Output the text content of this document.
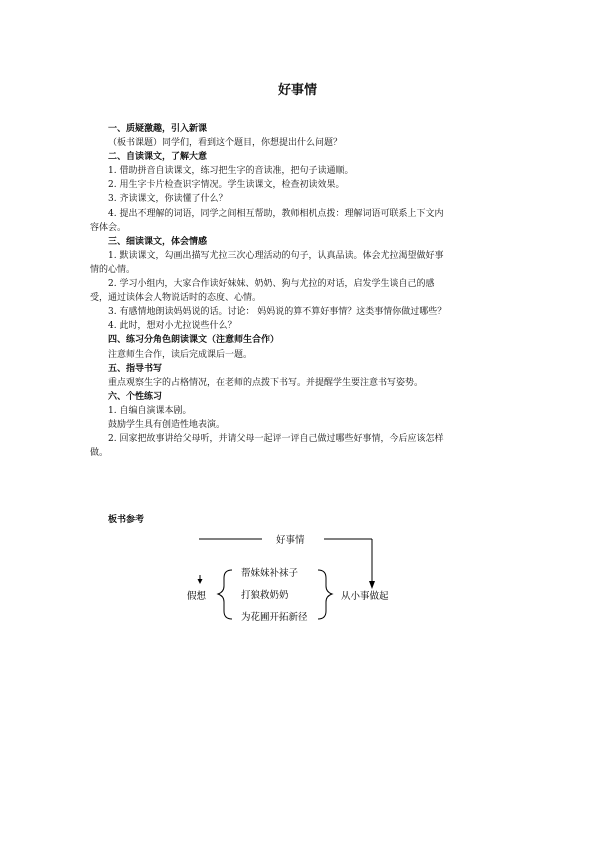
好事情
一、质疑激趣，引入新课
（板书课题）同学们，看到这个题目，你想提出什么问题？
二、自读课文，了解大意
1. 借助拼音自读课文，练习把生字的音读准，把句子读通顺。
2. 用生字卡片检查识字情况。学生读课文，检查初读效果。
3. 齐读课文，你读懂了什么？
4. 提出不理解的词语，同学之间相互帮助，教师相机点拨：理解词语可联系上下文内
容体会。
三、细读课文，体会情感
1. 默读课文，勾画出描写尤拉三次心理活动的句子，认真品读。体会尤拉渴望做好事
情的心情。
2. 学习小组内，大家合作读好妹妹、奶奶、狗与尤拉的对话，启发学生谈自己的感
受，通过读体会人物说话时的态度、心情。
3. 有感情地朗读妈妈说的话。讨论： 妈妈说的算不算好事情？这类事情你做过哪些？
4. 此时，想对小尤拉说些什么？
四、练习分角色朗读课文（注意师生合作）
注意师生合作，读后完成课后一题。
五、指导书写
重点观察生字的占格情况，在老师的点拨下书写。并提醒学生要注意书写姿势。
六、个性练习
1. 自编自演课本剧。
鼓励学生具有创造性地表演。
2. 回家把故事讲给父母听，并请父母一起评一评自己做过哪些好事情，今后应该怎样
做。
板书参考
好事情
假想
帮妹妹补袜子
打狼救奶奶
为花圃开拓新径
从小事做起
